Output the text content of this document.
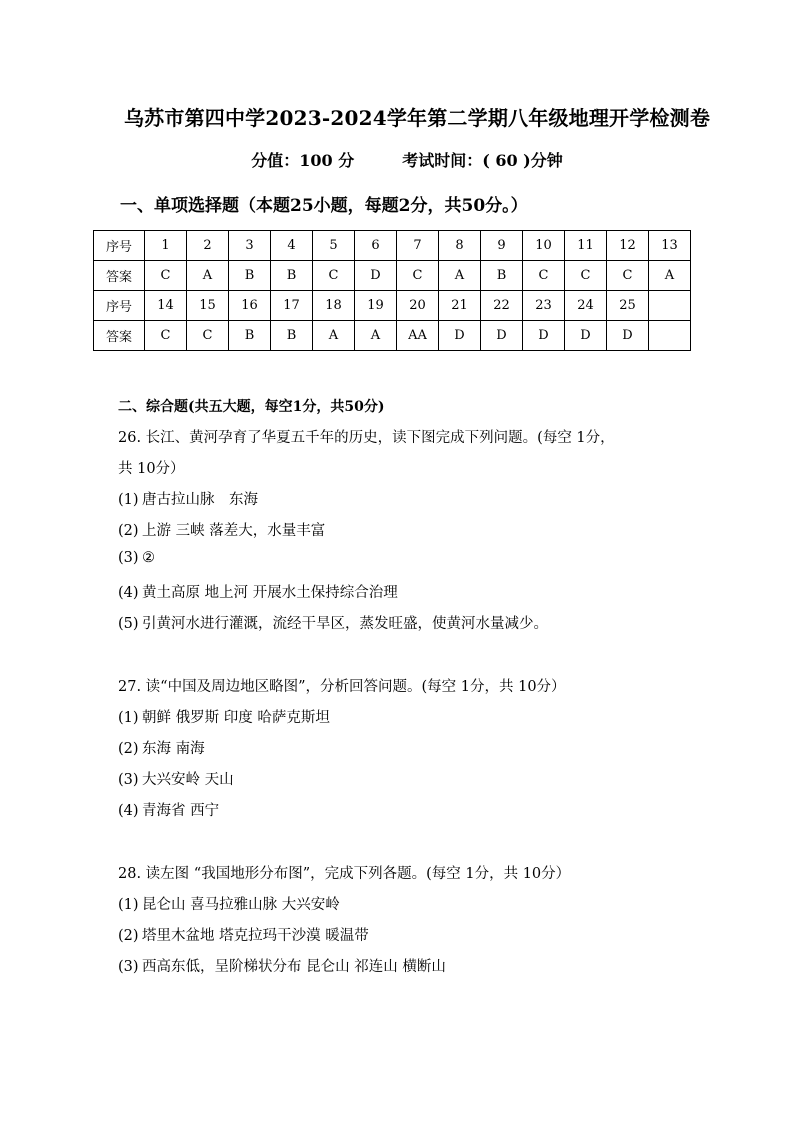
乌苏市第四中学2023-2024学年第二学期八年级地理开学检测卷
分值：100 分	考试时间：( 60 )分钟
一、单项选择题（本题25小题，每题2分，共50分。）
序号	1	2	3	4	5	6	7	8	9	10	11	12	13
答案	C	A	B	B	C	D	C	A	B	C	C	C	A
序号	14	15	16	17	18	19	20	21	22	23	24	25	
答案	C	C	B	B	A	A	AA	D	D	D	D	D	
二、综合题(共五大题，每空1分，共50分)
26. 长江、黄河孕育了华夏五千年的历史，读下图完成下列问题。(每空 1分，
共 10分）
(1) 唐古拉山脉　东海
(2) 上游 三峡 落差大，水量丰富
(3) ②
(4) 黄土高原 地上河 开展水土保持综合治理
(5) 引黄河水进行灌溉，流经干旱区，蒸发旺盛，使黄河水量减少。
27. 读“中国及周边地区略图”，分析回答问题。(每空 1分，共 10分）
(1) 朝鲜 俄罗斯 印度 哈萨克斯坦
(2) 东海 南海
(3) 大兴安岭 天山
(4) 青海省 西宁
28. 读左图 “我国地形分布图”，完成下列各题。(每空 1分，共 10分）
(1) 昆仑山 喜马拉雅山脉 大兴安岭
(2) 塔里木盆地 塔克拉玛干沙漠 暖温带
(3) 西高东低，呈阶梯状分布 昆仑山 祁连山 横断山
